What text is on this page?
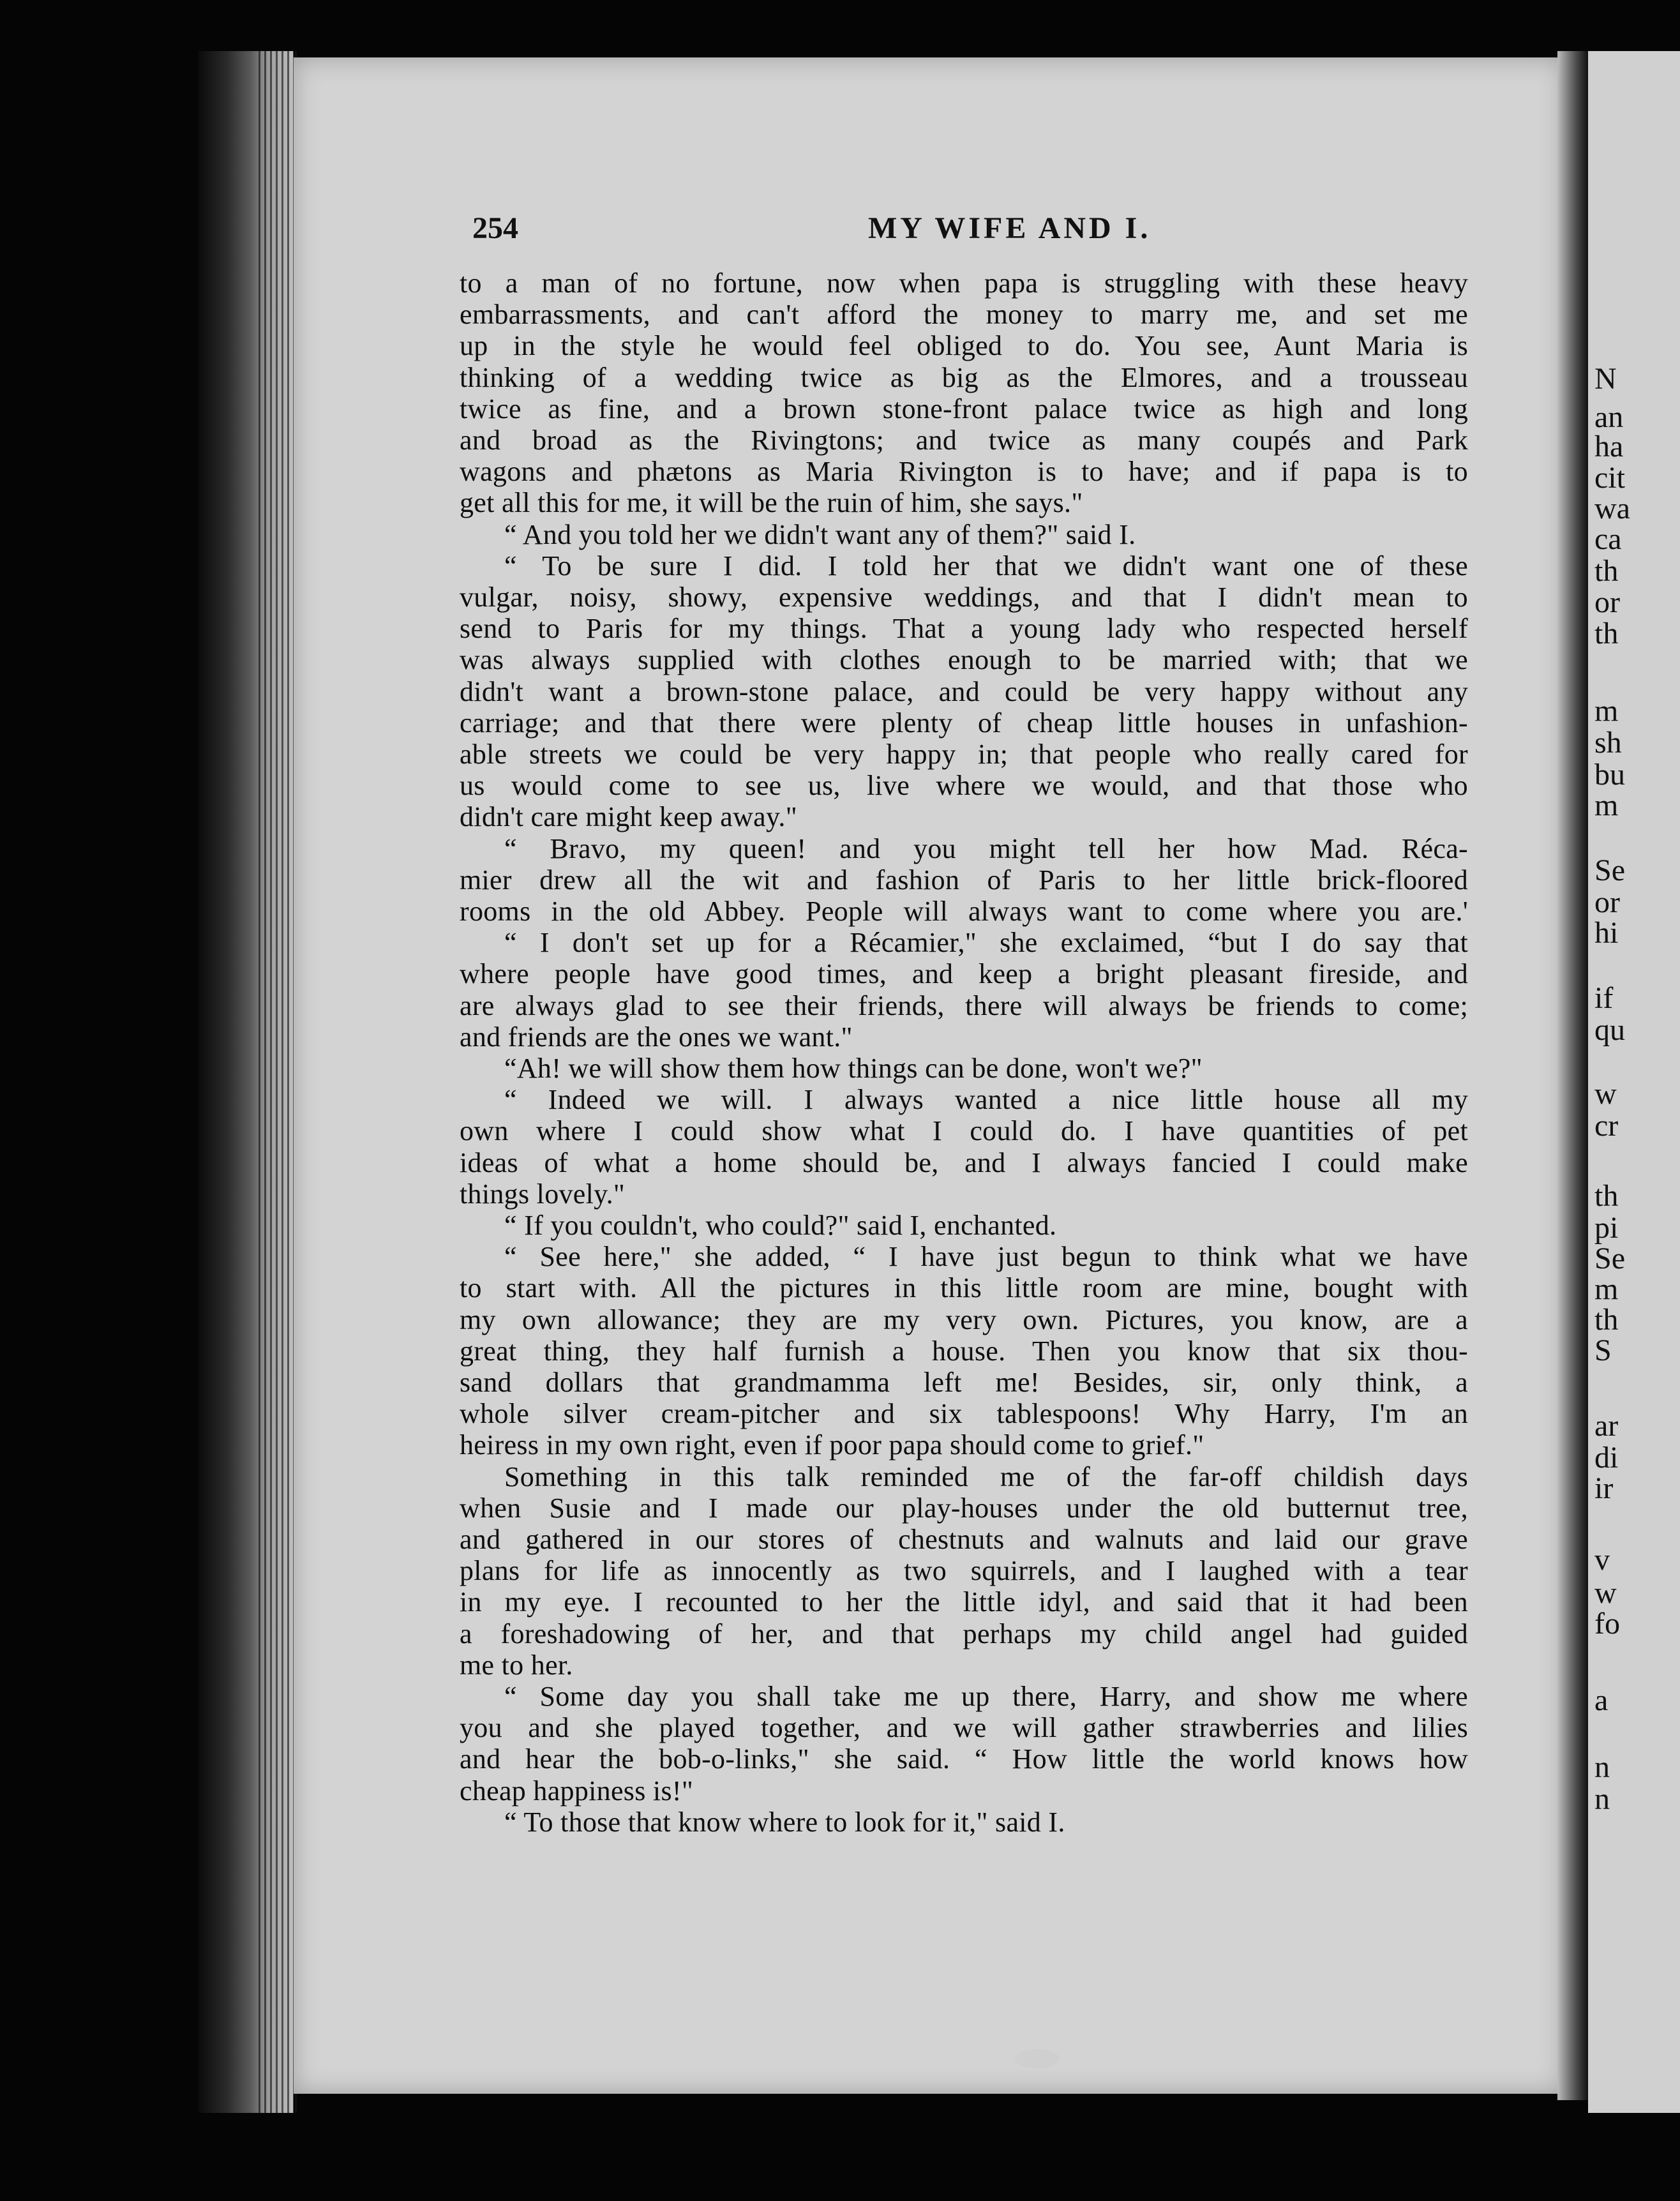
254	MY WIFE AND I.
to a man of no fortune, now when papa is struggling with these heavy
embarrassments, and can't afford the money to marry me, and set me
up in the style he would feel obliged to do. You see, Aunt Maria is
thinking of a wedding twice as big as the Elmores, and a trousseau
twice as fine, and a brown stone-front palace twice as high and long
and broad as the Rivingtons; and twice as many coupés and Park
wagons and phætons as Maria Rivington is to have; and if papa is to
get all this for me, it will be the ruin of him, she says."
“ And you told her we didn't want any of them?" said I.
“ To be sure I did. I told her that we didn't want one of these
vulgar, noisy, showy, expensive weddings, and that I didn't mean to
send to Paris for my things. That a young lady who respected herself
was always supplied with clothes enough to be married with; that we
didn't want a brown-stone palace, and could be very happy without any
carriage; and that there were plenty of cheap little houses in unfashion-
able streets we could be very happy in; that people who really cared for
us would come to see us, live where we would, and that those who
didn't care might keep away."
“ Bravo, my queen! and you might tell her how Mad. Réca-
mier drew all the wit and fashion of Paris to her little brick-floored
rooms in the old Abbey. People will always want to come where you are.'
“ I don't set up for a Récamier," she exclaimed, “but I do say that
where people have good times, and keep a bright pleasant fireside, and
are always glad to see their friends, there will always be friends to come;
and friends are the ones we want."
“Ah! we will show them how things can be done, won't we?"
“ Indeed we will. I always wanted a nice little house all my
own where I could show what I could do. I have quantities of pet
ideas of what a home should be, and I always fancied I could make
things lovely."
“ If you couldn't, who could?" said I, enchanted.
“ See here," she added, “ I have just begun to think what we have
to start with. All the pictures in this little room are mine, bought with
my own allowance; they are my very own. Pictures, you know, are a
great thing, they half furnish a house. Then you know that six thou-
sand dollars that grandmamma left me! Besides, sir, only think, a
whole silver cream-pitcher and six tablespoons! Why Harry, I'm an
heiress in my own right, even if poor papa should come to grief."
Something in this talk reminded me of the far-off childish days
when Susie and I made our play-houses under the old butternut tree,
and gathered in our stores of chestnuts and walnuts and laid our grave
plans for life as innocently as two squirrels, and I laughed with a tear
in my eye. I recounted to her the little idyl, and said that it had been
a foreshadowing of her, and that perhaps my child angel had guided
me to her.
“ Some day you shall take me up there, Harry, and show me where
you and she played together, and we will gather strawberries and lilies
and hear the bob-o-links," she said. “ How little the world knows how
cheap happiness is!"
“ To those that know where to look for it," said I.
N
an
ha
cit
wa
ca
th
or
th
m
sh
bu
m
Se
or
hi
if
qu
w
cr
th
pi
Se
m
th
S
ar
di
ir
v
w
fo
a
n
n
